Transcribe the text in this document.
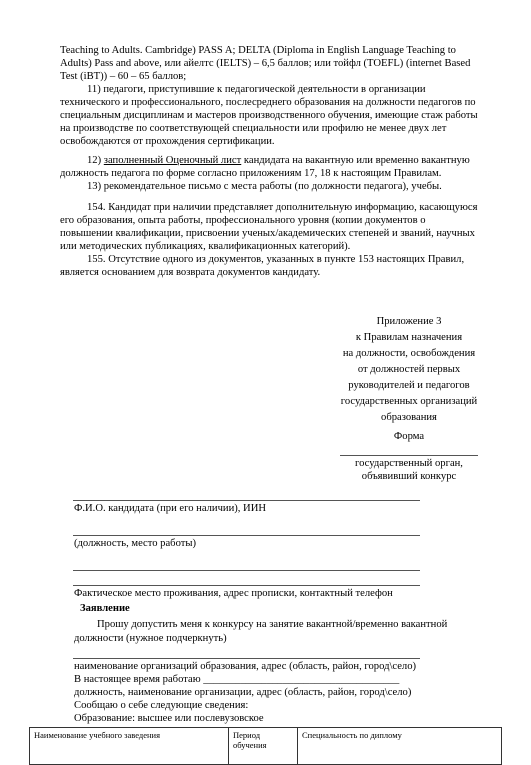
Teaching to Adults. Cambridge) PASS A; DELTA (Diploma in English Language Teaching to
Adults) Pass and above, или айелтс (IELTS) – 6,5 баллов; или тойфл (TOEFL) (internet Based
Test (iBT)) – 60 – 65 баллов;
11) педагоги, приступившие к педагогической деятельности в организации
технического и профессионального, послесреднего образования на должности педагогов по
специальным дисциплинам и мастеров производственного обучения, имеющие стаж работы
на производстве по соответствующей специальности или профилю не менее двух лет
освобождаются от прохождения сертификации.
12) заполненный Оценочный лист кандидата на вакантную или временно вакантную
должность педагога по форме согласно приложениям 17, 18 к настоящим Правилам.
13) рекомендательное письмо с места работы (по должности педагога), учебы.
154. Кандидат при наличии представляет дополнительную информацию, касающуюся
его образования, опыта работы, профессионального уровня (копии документов о
повышении квалификации, присвоении ученых/академических степеней и званий, научных
или методических публикациях, квалификационных категорий).
155. Отсутствие одного из документов, указанных в пункте 153 настоящих Правил,
является основанием для возврата документов кандидату.
Приложение 3
к Правилам назначения
на должности, освобождения
от должностей первых
руководителей и педагогов
государственных организаций
образования
Форма
государственный орган,
объявивший конкурс
Ф.И.О. кандидата (при его наличии), ИИН
(должность, место работы)
Фактическое место проживания, адрес прописки, контактный телефон
Заявление
Прошу допустить меня к конкурсу на занятие вакантной/временно вакантной
должности (нужное подчеркнуть)
наименование организаций образования, адрес (область, район, город\село)
В настоящее время работаю _____________________________________
должность, наименование организации, адрес (область, район, город\село)
Сообщаю о себе следующие сведения:
Образование: высшее или послевузовское
Наименование учебного заведения	Период обучения	Специальность по диплому
